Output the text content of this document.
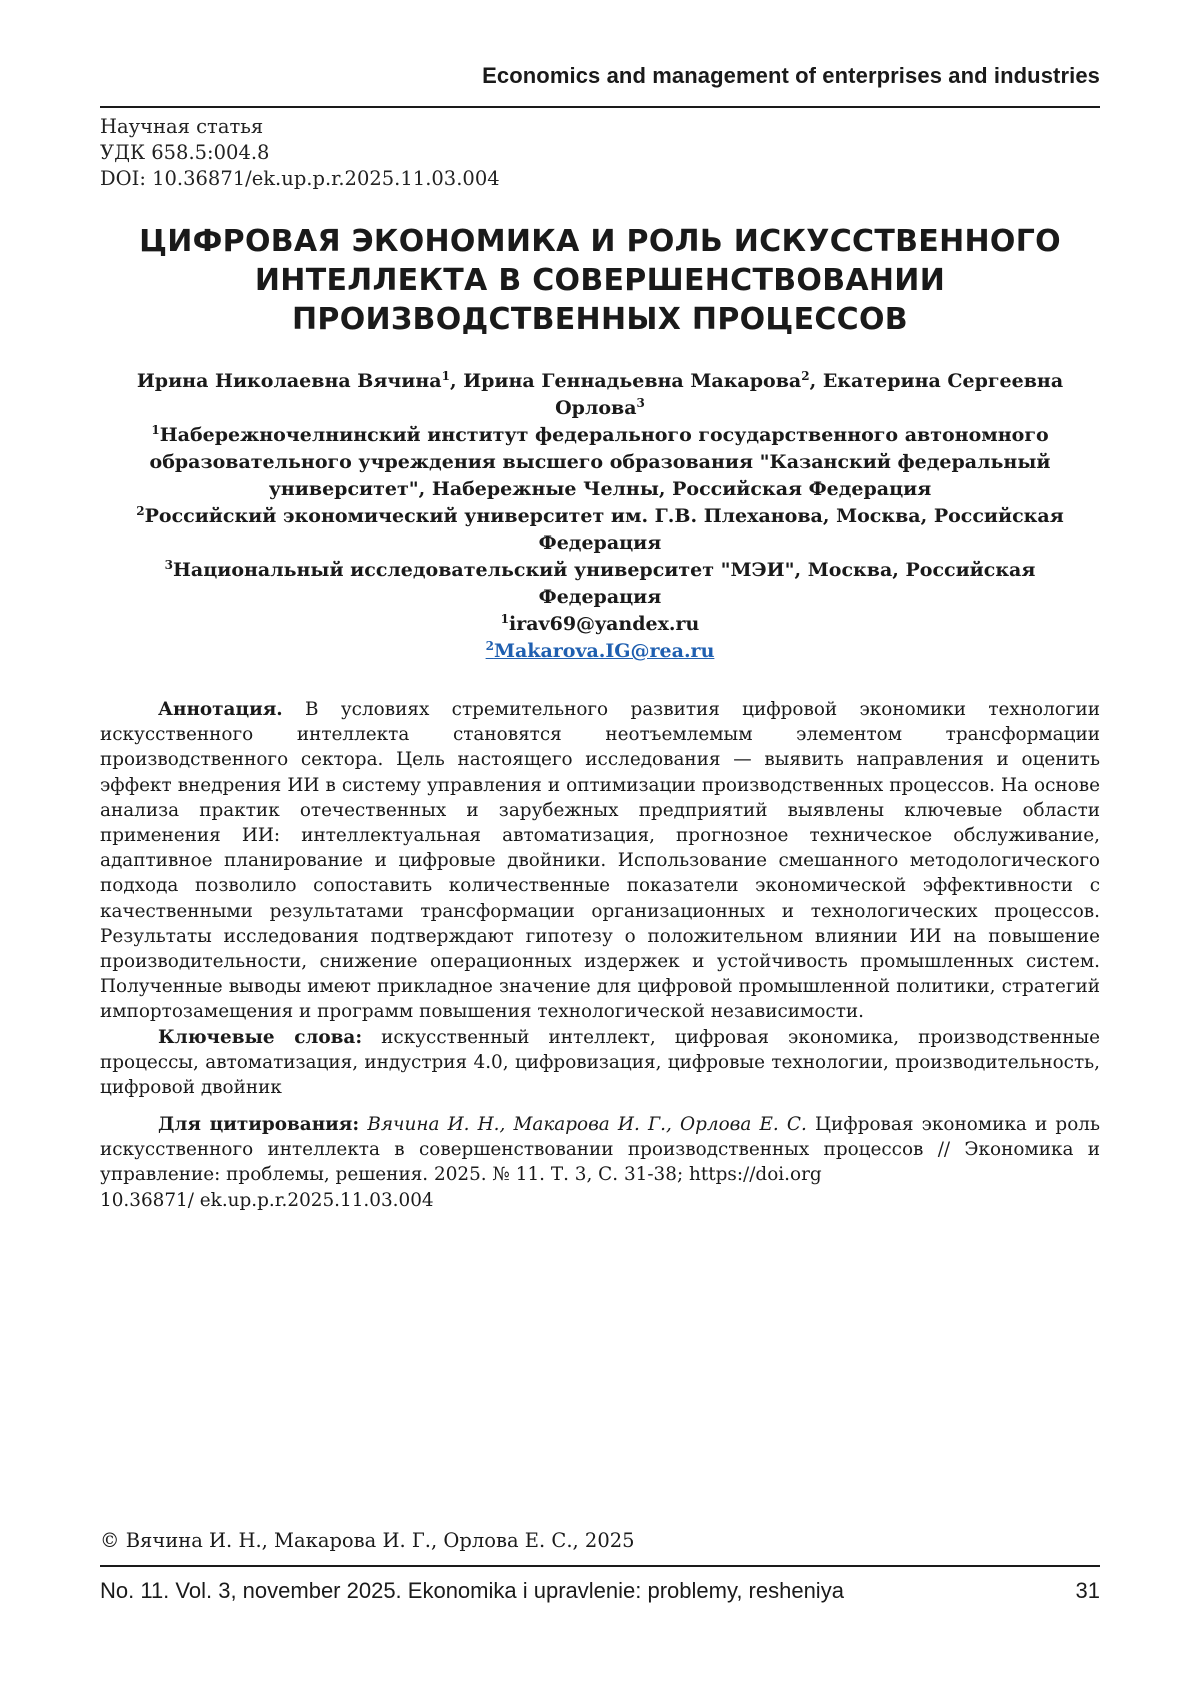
Economics and management of enterprises and industries
Научная статья
УДК 658.5:004.8
DOI: 10.36871/ek.up.p.r.2025.11.03.004
ЦИФРОВАЯ ЭКОНОМИКА И РОЛЬ ИСКУССТВЕННОГО ИНТЕЛЛЕКТА В СОВЕРШЕНСТВОВАНИИ ПРОИЗВОДСТВЕННЫХ ПРОЦЕССОВ

Ирина Николаевна Вячина$^1$, Ирина Геннадьевна Макарова$^2$, Екатерина Сергеевна Орлова$^3$

$^1$Набережночелнинский институт федерального государственного автономного образовательного учреждения высшего образования "Казанский федеральный университет", Набережные Челны, Российская Федерация

$^2$Российский экономический университет им. Г.В. Плеханова, Москва, Российская Федерация

$^3$Национальный исследовательский университет "МЭИ", Москва, Российская Федерация

$^1$irav69@yandex.ru

$^2$Makarova.IG@rea.ru

Аннотация. В условиях стремительного развития цифровой экономики технологии искусственного интеллекта становятся неотъемлемым элементом трансформации производственного сектора. Цель настоящего исследования — выявить направления и оценить эффект внедрения ИИ в систему управления и оптимизации производственных процессов. На основе анализа практик отечественных и зарубежных предприятий выявлены ключевые области применения ИИ: интеллектуальная автоматизация, прогнозное техническое обслуживание, адаптивное планирование и цифровые двойники. Использование смешанного методологического подхода позволило сопоставить количественные показатели экономической эффективности с качественными результатами трансформации организационных и технологических процессов. Результаты исследования подтверждают гипотезу о положительном влиянии ИИ на повышение производительности, снижение операционных издержек и устойчивость промышленных систем. Полученные выводы имеют прикладное значение для цифровой промышленной политики, стратегий импортозамещения и программ повышения технологической независимости.

Ключевые слова: искусственный интеллект, цифровая экономика, производственные процессы, автоматизация, индустрия 4.0, цифровизация, цифровые технологии, производительность, цифровой двойник

Для цитирования: Вячина И. Н., Макарова И. Г., Орлова Е. С. Цифровая экономика и роль искусственного интеллекта в совершенствовании производственных процессов // Экономика и управление: проблемы, решения. 2025. № 11. Т. 3, С. 31-38; https://doi.org
10.36871/ ek.up.p.r.2025.11.03.004

© Вячина И. Н., Макарова И. Г., Орлова Е. С., 2025
No. 11. Vol. 3, november 2025. Ekonomika i upravlenie: problemy, resheniya	31
